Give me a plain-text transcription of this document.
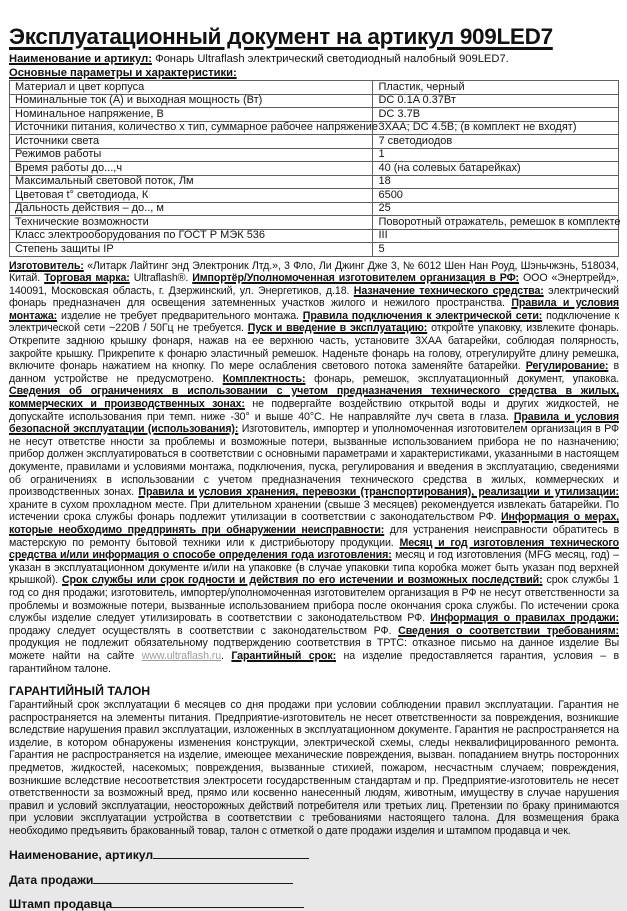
Эксплуатационный документ на артикул 909LED7

Наименование и артикул: Фонарь Ultraflash электрический светодиодный налобный 909LED7.

Основные параметры и характеристики:
Материал и цвет корпуса	Пластик, черный
Номинальные ток (А) и выходная мощность (Вт)	DC 0.1A 0.37Вт
Номинальное напряжение, В	DC 3.7В
Источники питания, количество х тип, суммарное рабочее напряжение	3ХАА; DC 4.5В; (в комплект не входят)
Источники света	7 светодиодов
Режимов работы	1
Время работы до...,ч	40 (на солевых батарейках)
Максимальный световой поток, Лм	18
Цветовая t° светодиода, К	6500
Дальность действия – до.., м	25
Технические возможности	Поворотный отражатель, ремешок в комплекте
Класс электрооборудования по ГОСТ Р МЭК 536	III
Степень защиты IP	5

Изготовитель: «Литарк Лайтинг энд Электроник Лтд.», 3 Фло, Ли Джинг Дже 3, № 6012 Шен Нан Роуд, Шэньчжэнь, 518034, Китай. Торговая марка: Ultraflash®. Импортёр/Уполномоченная изготовителем организация в РФ: ООО «Энертрейд», 140091, Московская область, г. Дзержинский, ул. Энергетиков, д.18. Назначение технического средства: электрический фонарь предназначен для освещения затемненных участков жилого и нежилого пространства. Правила и условия монтажа: изделие не требует предварительного монтажа. Правила подключения к электрической сети: подключение к электрической сети ~220В / 50Гц не требуется. Пуск и введение в эксплуатацию: откройте упаковку, извлеките фонарь. Открепите заднюю крышку фонаря, нажав на ее верхнюю часть, установите 3ХАА батарейки, соблюдая полярность, закройте крышку. Прикрепите к фонарю эластичный ремешок. Наденьте фонарь на голову, отрегулируйте длину ремешка, включите фонарь нажатием на кнопку. По мере ослабления светового потока заменяйте батарейки. Регулирование: в данном устройстве не предусмотрено. Комплектность: фонарь, ремешок, эксплуатационный документ, упаковка. Сведения об ограничениях в использовании с учетом предназначения технического средства в жилых, коммерческих и производственных зонах: не подвергайте воздействию открытой воды и других жидкостей, не допускайте использования при темп. ниже -30° и выше 40°С. Не направляйте луч света в глаза. Правила и условия безопасной эксплуатации (использования): Изготовитель, импортер и уполномоченная изготовителем организация в РФ не несут ответстве нности за проблемы и возможные потери, вызванные использованием прибора не по назначению; прибор должен эксплуатироваться в соответствии с основными параметрами и характеристиками, указанными в настоящем документе, правилами и условиями монтажа, подключения, пуска, регулирования и введения в эксплуатацию, сведениями об ограничениях в использовании с учетом предназначения технического средства в жилых, коммерческих и производственных зонах. Правила и условия хранения, перевозки (транспортирования), реализации и утилизации: храните в сухом прохладном месте. При длительном хранении (свыше 3 месяцев) рекомендуется извлекать батарейки. По истечении срока службы фонарь подлежит утилизации в соответствии с законодательством РФ. Информация о мерах, которые необходимо предпринять при обнаружении неисправности: для устранения неисправности обратитесь в мастерскую по ремонту бытовой техники или к дистрибьютору продукции. Месяц и год изготовления технического средства и/или информация о способе определения года изготовления: месяц и год изготовления (MFG месяц, год) – указан в эксплуатационном документе и/или на упаковке (в случае упаковки типа коробка может быть указан под верхней крышкой). Срок службы или срок годности и действия по его истечении и возможных последствий: срок службы 1 год со дня продажи; изготовитель, импортер/уполномоченная изготовителем организация в РФ не несут ответственности за проблемы и возможные потери, вызванные использованием прибора после окончания срока службы. По истечении срока службы изделие следует утилизировать в соответствии с законодательством РФ. Информация о правилах продажи: продажу следует осуществлять в соответствии с законодательством РФ. Сведения о соответствии требованиям: продукция не подлежит обязательному подтверждению соответствия в ТРТС: отказное письмо на данное изделие Вы можете найти на сайте www.ultraflash.ru. Гарантийный срок: на изделие предоставляется гарантия, условия – в гарантийном талоне.

ГАРАНТИЙНЫЙ ТАЛОН

Гарантийный срок эксплуатации 6 месяцев со дня продажи при условии соблюдении правил эксплуатации. Гарантия не распространяется на элементы питания. Предприятие-изготовитель не несет ответственности за повреждения, возникшие вследствие нарушения правил эксплуатации, изложенных в эксплуатационном документе. Гарантия не распространяется на изделие, в котором обнаружены изменения конструкции, электрической схемы, следы неквалифицированного ремонта. Гарантия не распространяется на изделие, имеющее механические повреждения, вызван. попаданием внутрь посторонних предметов, жидкостей, насекомых; повреждения, вызванные стихией, пожаром, несчастным случаем; повреждения, возникшие вследствие несоответствия электросети государственным стандартам и пр. Предприятие-изготовитель не несет ответственности за возможный вред, прямо или косвенно нанесенный людям, животным, имуществу в случае нарушения правил и условий эксплуатации, неосторожных действий потребителя или третьих лиц. Претензии по браку принимаются при условии эксплуатации устройства в соответствии с требованиями настоящего талона. Для возмещения брака необходимо предъявить бракованный товар, талон с отметкой о дате продажи изделия и штампом продавца и чек.

Наименование, артикул
Дата продажи
Штамп продавца
